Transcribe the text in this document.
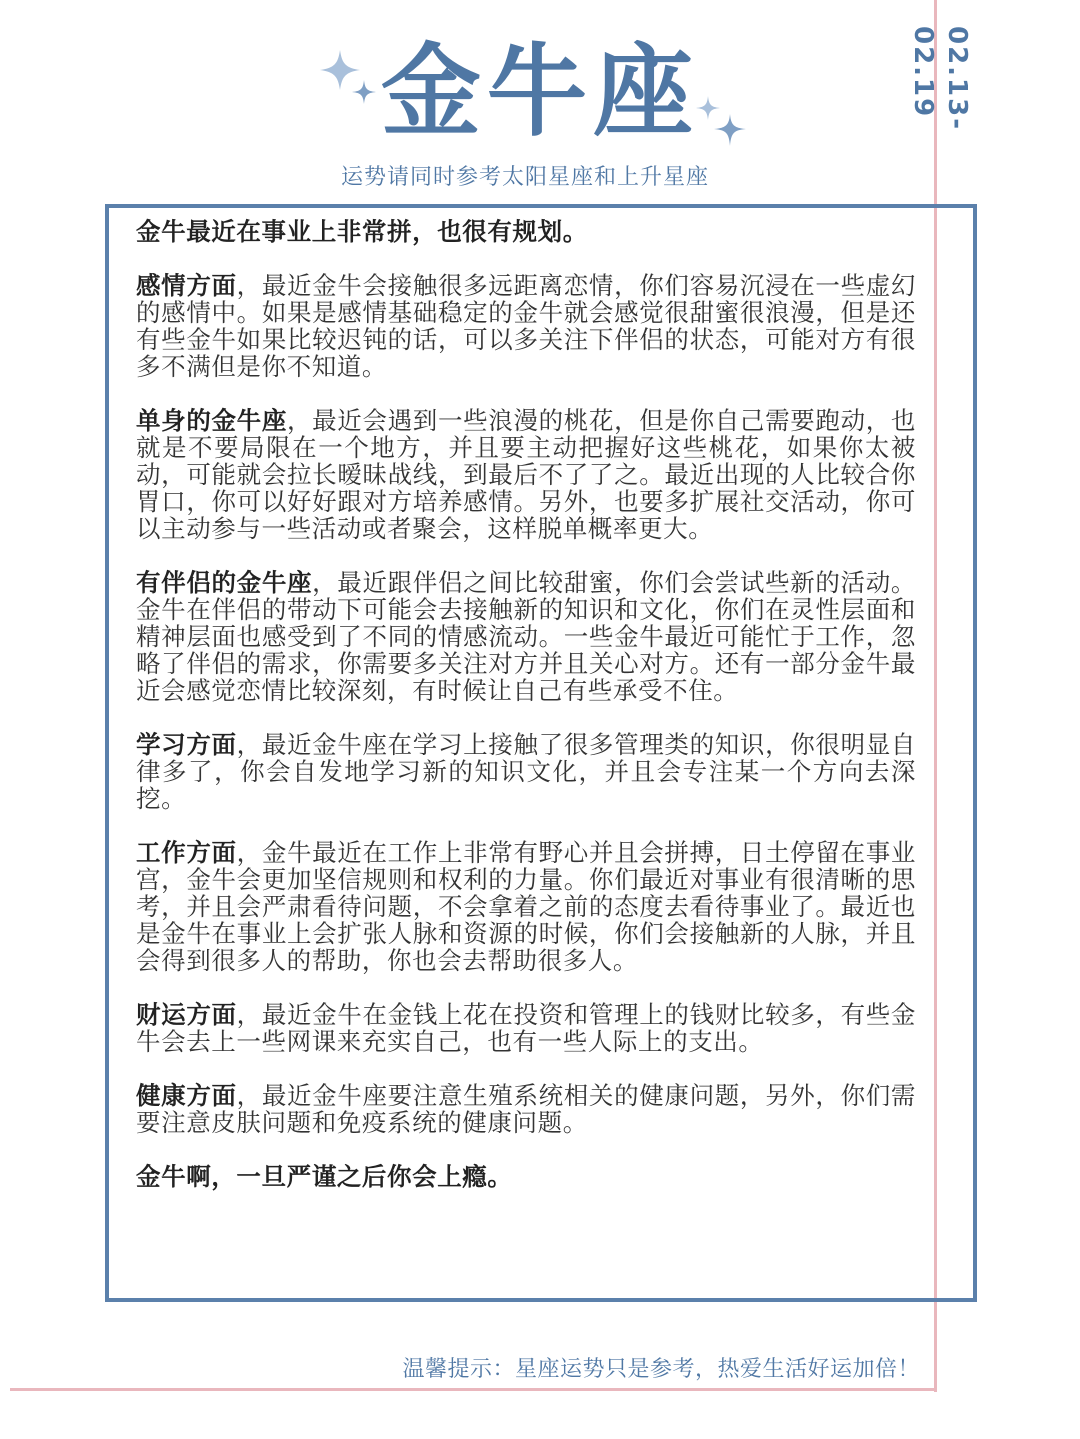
金牛座
运势请同时参考太阳星座和上升星座
02.13-02.19

金牛最近在事业上非常拼，也很有规划。

感情方面，最近金牛会接触很多远距离恋情，你们容易沉浸在一些虚幻的感情中。如果是感情基础稳定的金牛就会感觉很甜蜜很浪漫，但是还有些金牛如果比较迟钝的话，可以多关注下伴侣的状态，可能对方有很多不满但是你不知道。

单身的金牛座，最近会遇到一些浪漫的桃花，但是你自己需要跑动，也就是不要局限在一个地方，并且要主动把握好这些桃花，如果你太被动，可能就会拉长暧昧战线，到最后不了了之。最近出现的人比较合你胃口，你可以好好跟对方培养感情。另外，也要多扩展社交活动，你可以主动参与一些活动或者聚会，这样脱单概率更大。

有伴侣的金牛座，最近跟伴侣之间比较甜蜜，你们会尝试些新的活动。金牛在伴侣的带动下可能会去接触新的知识和文化，你们在灵性层面和精神层面也感受到了不同的情感流动。一些金牛最近可能忙于工作，忽略了伴侣的需求，你需要多关注对方并且关心对方。还有一部分金牛最近会感觉恋情比较深刻，有时候让自己有些承受不住。

学习方面，最近金牛座在学习上接触了很多管理类的知识，你很明显自律多了，你会自发地学习新的知识文化，并且会专注某一个方向去深挖。

工作方面，金牛最近在工作上非常有野心并且会拼搏，日土停留在事业宫，金牛会更加坚信规则和权利的力量。你们最近对事业有很清晰的思考，并且会严肃看待问题，不会拿着之前的态度去看待事业了。最近也是金牛在事业上会扩张人脉和资源的时候，你们会接触新的人脉，并且会得到很多人的帮助，你也会去帮助很多人。

财运方面，最近金牛在金钱上花在投资和管理上的钱财比较多，有些金牛会去上一些网课来充实自己，也有一些人际上的支出。

健康方面，最近金牛座要注意生殖系统相关的健康问题，另外，你们需要注意皮肤问题和免疫系统的健康问题。

金牛啊，一旦严谨之后你会上瘾。

温馨提示：星座运势只是参考，热爱生活好运加倍！
